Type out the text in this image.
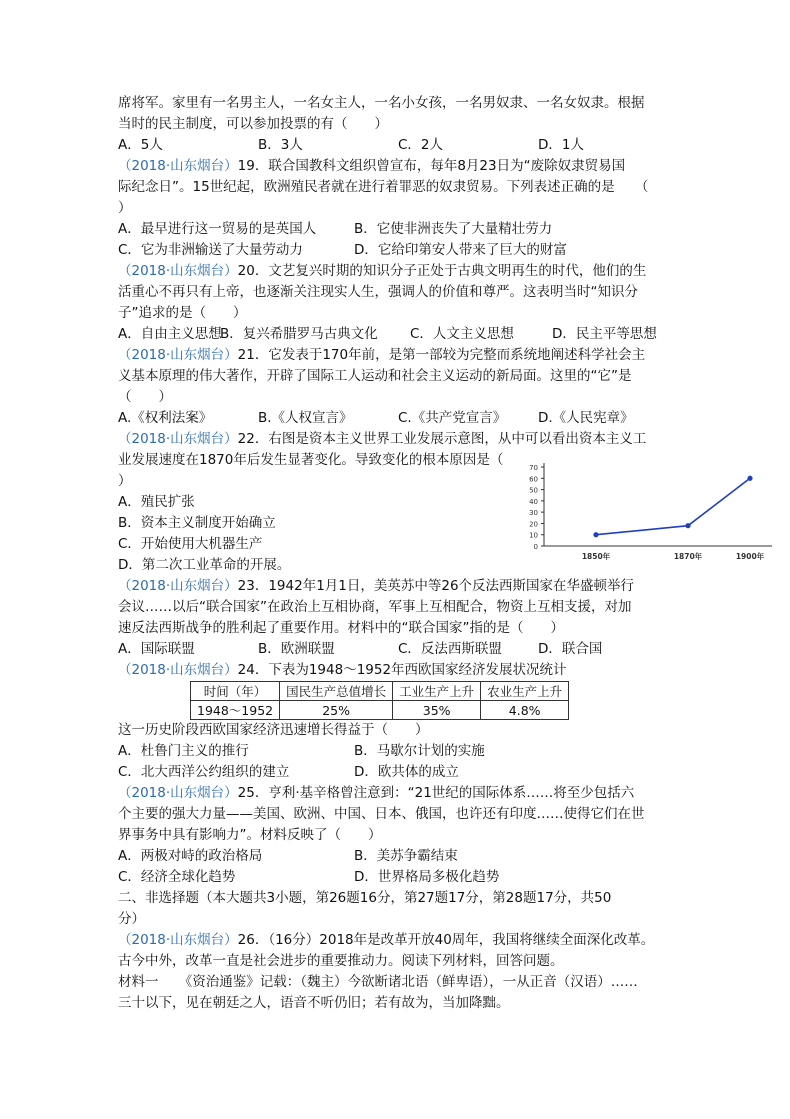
席将军。家里有一名男主人，一名女主人，一名小女孩，一名男奴隶、一名女奴隶。根据
当时的民主制度，可以参加投票的有（　　）
A．5人	B．3人	C．2人	D．1人
（2018·山东烟台）19．联合国教科文组织曾宣布，每年8月23日为“废除奴隶贸易国
际纪念日”。15世纪起，欧洲殖民者就在进行着罪恶的奴隶贸易。下列表述正确的是　　（
）
A．最早进行这一贸易的是英国人	B．它使非洲丧失了大量精壮劳力
C．它为非洲输送了大量劳动力	D．它给印第安人带来了巨大的财富
（2018·山东烟台）20．文艺复兴时期的知识分子正处于古典文明再生的时代，他们的生
活重心不再只有上帝，也逐渐关注现实人生，强调人的价值和尊严。这表明当时“知识分
子”追求的是（　　）
A．自由主义思想
B．复兴希腊罗马古典文化	C．人文主义思想	D．民主平等思想
（2018·山东烟台）21．它发表于170年前，是第一部较为完整而系统地阐述科学社会主
义基本原理的伟大著作，开辟了国际工人运动和社会主义运动的新局面。这里的“它”是
（　　）
A.《权利法案》	B.《人权宣言》	C.《共产党宣言》	D.《人民宪章》
（2018·山东烟台）22．右图是资本主义世界工业发展示意图，从中可以看出资本主义工
业发展速度在1870年后发生显著变化。导致变化的根本原因是（
）
A．殖民扩张
B．资本主义制度开始确立
C．开始使用大机器生产
D．第二次工业革命的开展。
（2018·山东烟台）23．1942年1月1日，美英苏中等26个反法西斯国家在华盛顿举行
会议……以后“联合国家”在政治上互相协商，军事上互相配合，物资上互相支援，对加
速反法西斯战争的胜利起了重要作用。材料中的“联合国家”指的是（　　）
A．国际联盟	B．欧洲联盟	C．反法西斯联盟	D．联合国
（2018·山东烟台）24．下表为1948～1952年西欧国家经济发展状况统计
时间（年）	国民生产总值增长	工业生产上升	农业生产上升
1948～1952	25%	35%	4.8%
这一历史阶段西欧国家经济迅速增长得益于（　　）
A．杜鲁门主义的推行	B．马歇尔计划的实施
C．北大西洋公约组织的建立	D．欧共体的成立
（2018·山东烟台）25．亨利·基辛格曾注意到：“21世纪的国际体系……将至少包括六
个主要的强大力量——美国、欧洲、中国、日本、俄国，也许还有印度……使得它们在世
界事务中具有影响力”。材料反映了（　　）
A．两极对峙的政治格局	B．美苏争霸结束
C．经济全球化趋势	D．世界格局多极化趋势
二、非选择题（本大题共3小题，第26题16分，第27题17分，第28题17分，共50
分）
（2018·山东烟台）26．（16分）2018年是改革开放40周年，我国将继续全面深化改革。
古今中外，改革一直是社会进步的重要推动力。阅读下列材料，回答问题。
材料一　　《资治通鉴》记载：（魏主）今欲断诸北语（鲜卑语），一从正音（汉语）……
三十以下，见在朝廷之人，语音不听仍旧；若有故为，当加降黜。
0
10
20
30
40
50
60
70
1850年	1870年	1900年
